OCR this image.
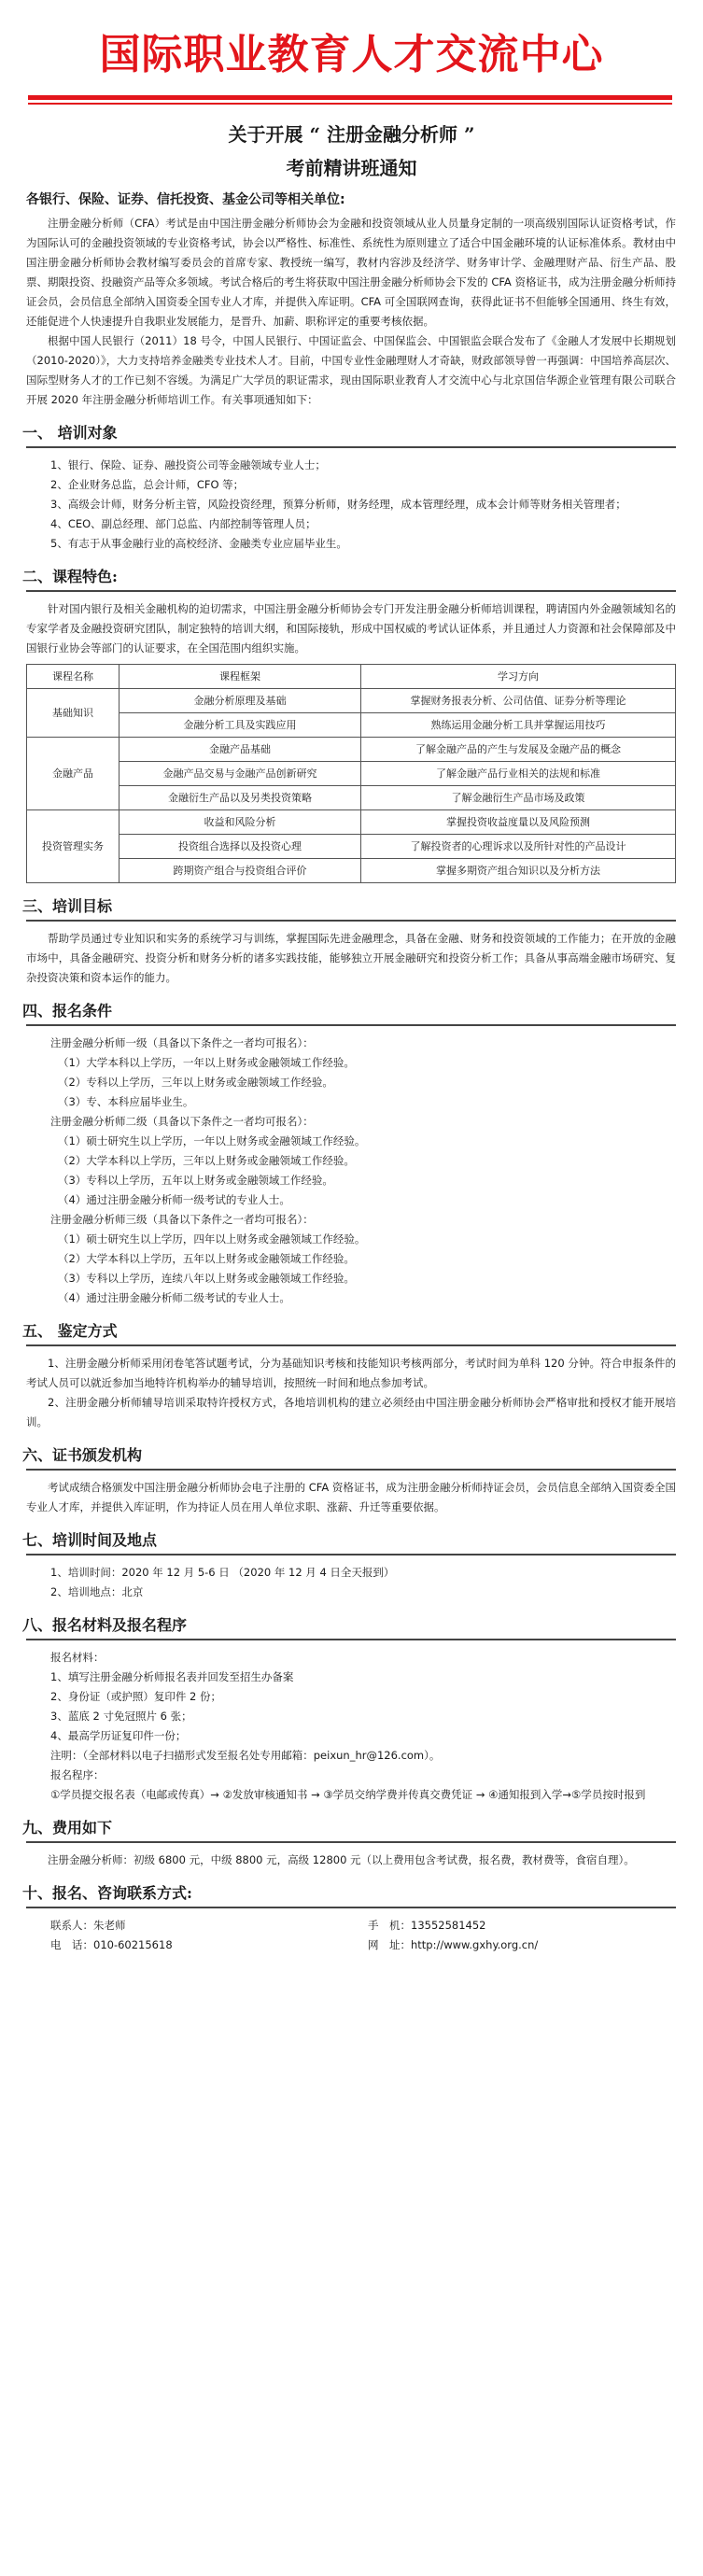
国际职业教育人才交流中心
关于开展 “ 注册金融分析师 ”
考前精讲班通知
各银行、保险、证券、信托投资、基金公司等相关单位:

注册金融分析师（CFA）考试是由中国注册金融分析师协会为金融和投资领域从业人员量身定制的一项高级别国际认证资格考试，作为国际认可的金融投资领域的专业资格考试，协会以严格性、标准性、系统性为原则建立了适合中国金融环境的认证标准体系。教材由中国注册金融分析师协会教材编写委员会的首席专家、教授统一编写，教材内容涉及经济学、财务审计学、金融理财产品、衍生产品、股票、期限投资、投融资产品等众多领域。考试合格后的考生将获取中国注册金融分析师协会下发的 CFA 资格证书，成为注册金融分析师持证会员，会员信息全部纳入国资委全国专业人才库，并提供入库证明。CFA 可全国联网查询，获得此证书不但能够全国通用、终生有效，还能促进个人快速提升自我职业发展能力，是晋升、加薪、职称评定的重要考核依据。

根据中国人民银行（2011）18 号令，中国人民银行、中国证监会、中国保监会、中国银监会联合发布了《金融人才发展中长期规划（2010-2020）》，大力支持培养金融类专业技术人才。目前，中国专业性金融理财人才奇缺，财政部领导曾一再强调：中国培养高层次、国际型财务人才的工作已刻不容缓。为满足广大学员的职证需求，现由国际职业教育人才交流中心与北京国信华源企业管理有限公司联合开展 2020 年注册金融分析师培训工作。有关事项通知如下：

一、 培训对象

1、银行、保险、证券、融投资公司等金融领域专业人士；

2、企业财务总监，总会计师，CFO 等；

3、高级会计师，财务分析主管，风险投资经理，预算分析师，财务经理，成本管理经理，成本会计师等财务相关管理者；

4、CEO、副总经理、部门总监、内部控制等管理人员；

5、有志于从事金融行业的高校经济、金融类专业应届毕业生。

二、课程特色:

针对国内银行及相关金融机构的迫切需求，中国注册金融分析师协会专门开发注册金融分析师培训课程，聘请国内外金融领域知名的专家学者及金融投资研究团队，制定独特的培训大纲，和国际接轨，形成中国权威的考试认证体系，并且通过人力资源和社会保障部及中国银行业协会等部门的认证要求，在全国范围内组织实施。

课程名称	课程框架	学习方向
基础知识	金融分析原理及基础	掌握财务报表分析、公司估值、证券分析等理论
	金融分析工具及实践应用	熟练运用金融分析工具并掌握运用技巧
金融产品	金融产品基础	了解金融产品的产生与发展及金融产品的概念
	金融产品交易与金融产品创新研究	了解金融产品行业相关的法规和标准
	金融衍生产品以及另类投资策略	了解金融衍生产品市场及政策
投资管理实务	收益和风险分析	掌握投资收益度量以及风险预测
	投资组合选择以及投资心理	了解投资者的心理诉求以及所针对性的产品设计
	跨期资产组合与投资组合评价	掌握多期资产组合知识以及分析方法
三、培训目标

帮助学员通过专业知识和实务的系统学习与训练，掌握国际先进金融理念，具备在金融、财务和投资领域的工作能力；在开放的金融市场中，具备金融研究、投资分析和财务分析的诸多实践技能，能够独立开展金融研究和投资分析工作；具备从事高端金融市场研究、复杂投资决策和资本运作的能力。

四、报名条件

注册金融分析师一级（具备以下条件之一者均可报名）：

（1）大学本科以上学历，一年以上财务或金融领域工作经验。

（2）专科以上学历，三年以上财务或金融领域工作经验。

（3）专、本科应届毕业生。

注册金融分析师二级（具备以下条件之一者均可报名）：

（1）硕士研究生以上学历，一年以上财务或金融领域工作经验。

（2）大学本科以上学历，三年以上财务或金融领域工作经验。

（3）专科以上学历，五年以上财务或金融领域工作经验。

（4）通过注册金融分析师一级考试的专业人士。

注册金融分析师三级（具备以下条件之一者均可报名）：

（1）硕士研究生以上学历，四年以上财务或金融领域工作经验。

（2）大学本科以上学历，五年以上财务或金融领域工作经验。

（3）专科以上学历，连续八年以上财务或金融领域工作经验。

（4）通过注册金融分析师二级考试的专业人士。

五、 鉴定方式

1、注册金融分析师采用闭卷笔答试题考试，分为基础知识考核和技能知识考核两部分，考试时间为单科 120 分钟。符合申报条件的考试人员可以就近参加当地特许机构举办的辅导培训，按照统一时间和地点参加考试。

2、注册金融分析师辅导培训采取特许授权方式，各地培训机构的建立必须经由中国注册金融分析师协会严格审批和授权才能开展培训。

六、证书颁发机构

考试成绩合格颁发中国注册金融分析师协会电子注册的 CFA 资格证书，成为注册金融分析师持证会员，会员信息全部纳入国资委全国专业人才库，并提供入库证明，作为持证人员在用人单位求职、涨薪、升迁等重要依据。

七、培训时间及地点

1、培训时间：2020 年 12 月 5-6 日 （2020 年 12 月 4 日全天报到）

2、培训地点：北京

八、报名材料及报名程序

报名材料：

1、填写注册金融分析师报名表并回发至招生办备案

2、身份证（或护照）复印件 2 份；

3、蓝底 2 寸免冠照片 6 张；

4、最高学历证复印件一份；

注明：（全部材料以电子扫描形式发至报名处专用邮箱：peixun_hr@126.com）。

报名程序：

①学员提交报名表（电邮或传真）→ ②发放审核通知书 → ③学员交纳学费并传真交费凭证 → ④通知报到入学→⑤学员按时报到

九、费用如下

注册金融分析师：初级 6800 元，中级 8800 元，高级 12800 元（以上费用包含考试费，报名费，教材费等，食宿自理）。

十、报名、咨询联系方式:
联系人：朱老师	手　机：13552581452
电　话：010-60215618	网　址：http://www.gxhy.org.cn/
